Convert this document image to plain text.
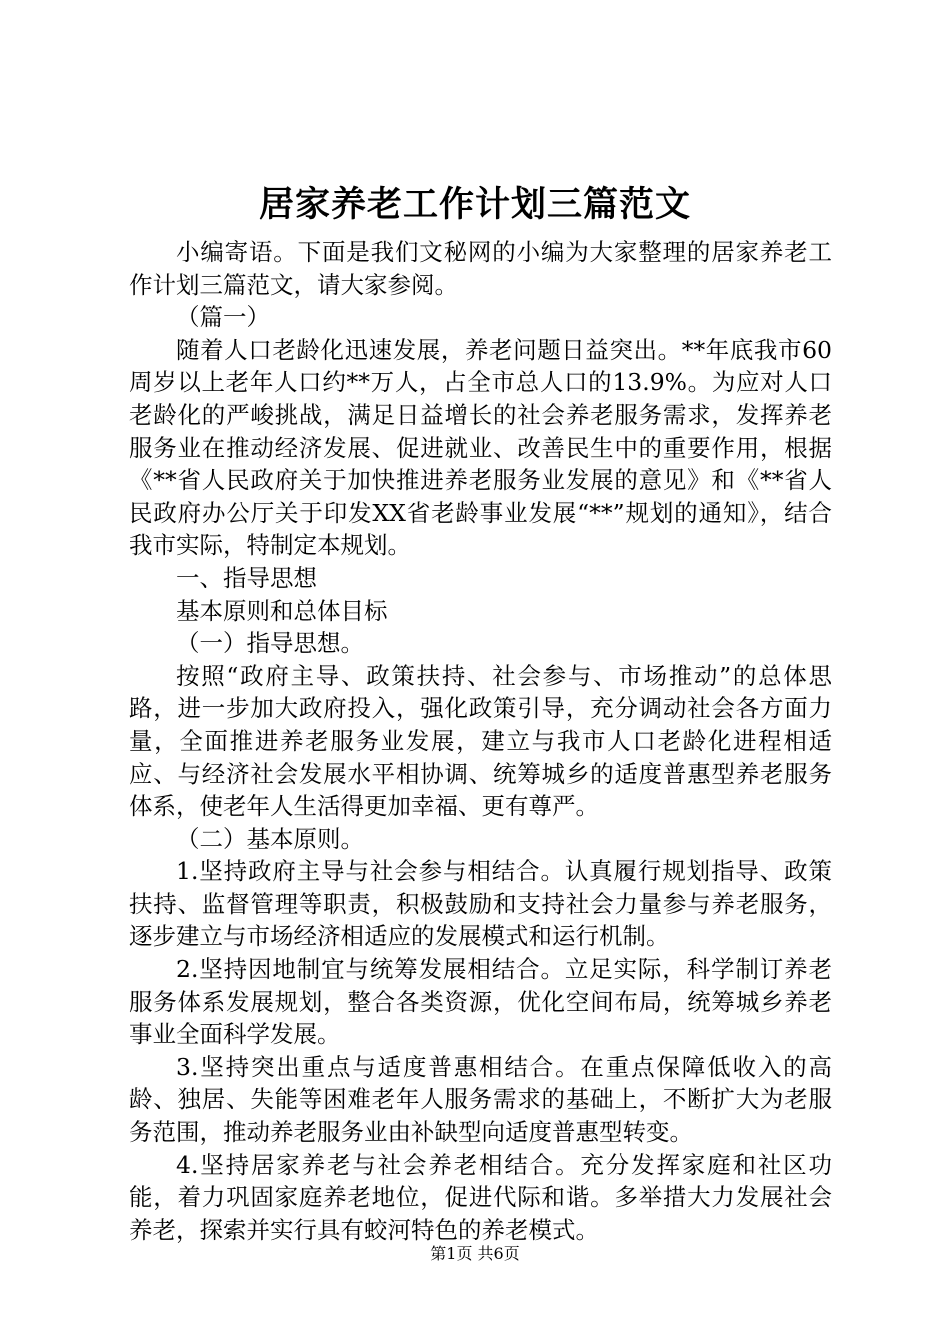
居家养老工作计划三篇范文

小编寄语。下面是我们文秘网的小编为大家整理的居家养老工作计划三篇范文，请大家参阅。

（篇一）

随着人口老龄化迅速发展，养老问题日益突出。**年底我市60周岁以上老年人口约**万人，占全市总人口的13.9%。为应对人口老龄化的严峻挑战，满足日益增长的社会养老服务需求，发挥养老服务业在推动经济发展、促进就业、改善民生中的重要作用，根据《**省人民政府关于加快推进养老服务业发展的意见》和《**省人民政府办公厅关于印发XX省老龄事业发展“**”规划的通知》，结合我市实际，特制定本规划。

一、指导思想

基本原则和总体目标

（一）指导思想。

按照“政府主导、政策扶持、社会参与、市场推动”的总体思路，进一步加大政府投入，强化政策引导，充分调动社会各方面力量，全面推进养老服务业发展，建立与我市人口老龄化进程相适应、与经济社会发展水平相协调、统筹城乡的适度普惠型养老服务体系，使老年人生活得更加幸福、更有尊严。

（二）基本原则。

1.坚持政府主导与社会参与相结合。认真履行规划指导、政策扶持、监督管理等职责，积极鼓励和支持社会力量参与养老服务，逐步建立与市场经济相适应的发展模式和运行机制。

2.坚持因地制宜与统筹发展相结合。立足实际，科学制订养老服务体系发展规划，整合各类资源，优化空间布局，统筹城乡养老事业全面科学发展。

3.坚持突出重点与适度普惠相结合。在重点保障低收入的高龄、独居、失能等困难老年人服务需求的基础上，不断扩大为老服务范围，推动养老服务业由补缺型向适度普惠型转变。

4.坚持居家养老与社会养老相结合。充分发挥家庭和社区功能，着力巩固家庭养老地位，促进代际和谐。多举措大力发展社会养老，探索并实行具有蛟河特色的养老模式。

第1页 共6页
